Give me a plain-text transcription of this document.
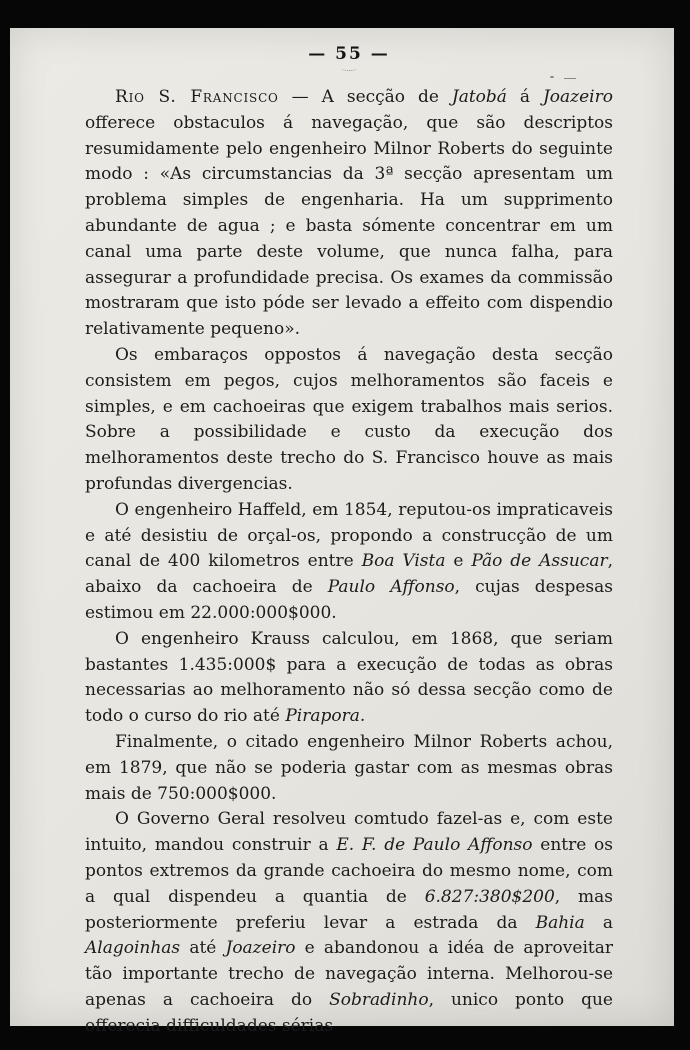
— 55 —

Rio S. Francisco — A secção de Jatobá á Joazeiro offerece obstaculos á navegação, que são descriptos resumidamente pelo engenheiro Milnor Roberts do seguinte modo : «As circumstancias da 3ª secção apresentam um problema simples de engenharia. Ha um supprimento abundante de agua ; e basta sómente concentrar em um canal uma parte deste volume, que nunca falha, para assegurar a profundidade precisa. Os exames da commissão mostraram que isto póde ser levado a effeito com dispendio relativamente pequeno».

Os embaraços oppostos á navegação desta secção consistem em pegos, cujos melhoramentos são faceis e simples, e em cachoeiras que exigem trabalhos mais serios. Sobre a possibilidade e custo da execução dos melhoramentos deste trecho do S. Francisco houve as mais profundas divergencias.

O engenheiro Haffeld, em 1854, reputou-os impraticaveis e até desistiu de orçal-os, propondo a construcção de um canal de 400 kilometros entre Boa Vista e Pão de Assucar, abaixo da cachoeira de Paulo Affonso, cujas despesas estimou em 22.000:000$000.

O engenheiro Krauss calculou, em 1868, que seriam bastantes 1.435:000$ para a execução de todas as obras necessarias ao melhoramento não só dessa secção como de todo o curso do rio até Pirapora.

Finalmente, o citado engenheiro Milnor Roberts achou, em 1879, que não se poderia gastar com as mesmas obras mais de 750:000$000.

O Governo Geral resolveu comtudo fazel-as e, com este intuito, mandou construir a E. F. de Paulo Affonso entre os pontos extremos da grande cachoeira do mesmo nome, com a qual dispendeu a quantia de 6.827:380$200, mas posteriormente preferiu levar a estrada da Bahia a Alagoinhas até Joazeiro e abandonou a idéa de aproveitar tão importante trecho de navegação interna. Melhorou-se apenas a cachoeira do Sobradinho, unico ponto que offerecia difficuldades sérias
